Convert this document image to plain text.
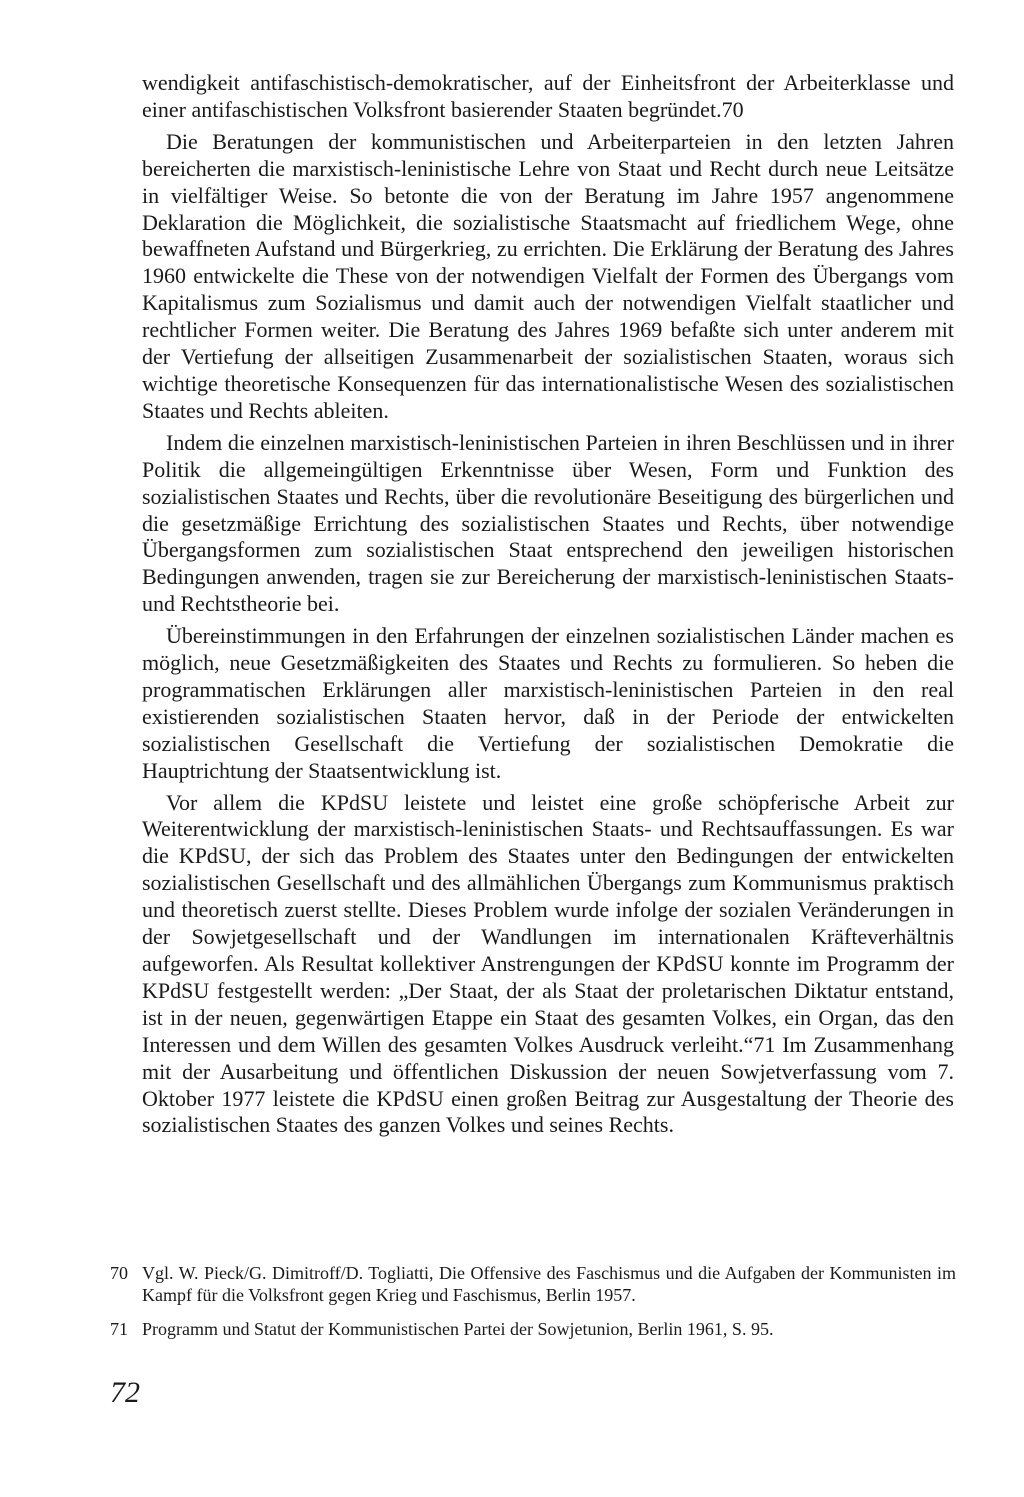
wendigkeit antifaschistisch-demokratischer, auf der Einheitsfront der Arbeiterklasse und einer antifaschistischen Volksfront basierender Staaten begründet.70

Die Beratungen der kommunistischen und Arbeiterparteien in den letzten Jahren bereicherten die marxistisch-leninistische Lehre von Staat und Recht durch neue Leitsätze in vielfältiger Weise. So betonte die von der Beratung im Jahre 1957 angenommene Deklaration die Möglichkeit, die sozialistische Staatsmacht auf friedlichem Wege, ohne bewaffneten Aufstand und Bürgerkrieg, zu errichten. Die Erklärung der Beratung des Jahres 1960 entwickelte die These von der notwendigen Vielfalt der Formen des Übergangs vom Kapitalismus zum Sozialismus und damit auch der notwendigen Vielfalt staatlicher und rechtlicher Formen weiter. Die Beratung des Jahres 1969 befaßte sich unter anderem mit der Vertiefung der allseitigen Zusammenarbeit der sozialistischen Staaten, woraus sich wichtige theoretische Konsequenzen für das internationalistische Wesen des sozialistischen Staates und Rechts ableiten.

Indem die einzelnen marxistisch-leninistischen Parteien in ihren Beschlüssen und in ihrer Politik die allgemeingültigen Erkenntnisse über Wesen, Form und Funktion des sozialistischen Staates und Rechts, über die revolutionäre Beseitigung des bürgerlichen und die gesetzmäßige Errichtung des sozialistischen Staates und Rechts, über notwendige Übergangsformen zum sozialistischen Staat entsprechend den jeweiligen historischen Bedingungen anwenden, tragen sie zur Bereicherung der marxistisch-leninistischen Staats- und Rechtstheorie bei.

Übereinstimmungen in den Erfahrungen der einzelnen sozialistischen Länder machen es möglich, neue Gesetzmäßigkeiten des Staates und Rechts zu formulieren. So heben die programmatischen Erklärungen aller marxistisch-leninistischen Parteien in den real existierenden sozialistischen Staaten hervor, daß in der Periode der entwickelten sozialistischen Gesellschaft die Vertiefung der sozialistischen Demokratie die Hauptrichtung der Staatsentwicklung ist.

Vor allem die KPdSU leistete und leistet eine große schöpferische Arbeit zur Weiterentwicklung der marxistisch-leninistischen Staats- und Rechtsauffassungen. Es war die KPdSU, der sich das Problem des Staates unter den Bedingungen der entwickelten sozialistischen Gesellschaft und des allmählichen Übergangs zum Kommunismus praktisch und theoretisch zuerst stellte. Dieses Problem wurde infolge der sozialen Veränderungen in der Sowjetgesellschaft und der Wandlungen im internationalen Kräfteverhältnis aufgeworfen. Als Resultat kollektiver Anstrengungen der KPdSU konnte im Programm der KPdSU festgestellt werden: „Der Staat, der als Staat der proletarischen Diktatur entstand, ist in der neuen, gegenwärtigen Etappe ein Staat des gesamten Volkes, ein Organ, das den Interessen und dem Willen des gesamten Volkes Ausdruck verleiht.“71 Im Zusammenhang mit der Ausarbeitung und öffentlichen Diskussion der neuen Sowjetverfassung vom 7. Oktober 1977 leistete die KPdSU einen großen Beitrag zur Ausgestaltung der Theorie des sozialistischen Staates des ganzen Volkes und seines Rechts.

70 Vgl. W. Pieck/G. Dimitroff/D. Togliatti, Die Offensive des Faschismus und die Aufgaben der Kommunisten im Kampf für die Volksfront gegen Krieg und Faschismus, Berlin 1957.
71 Programm und Statut der Kommunistischen Partei der Sowjetunion, Berlin 1961, S. 95.
72
